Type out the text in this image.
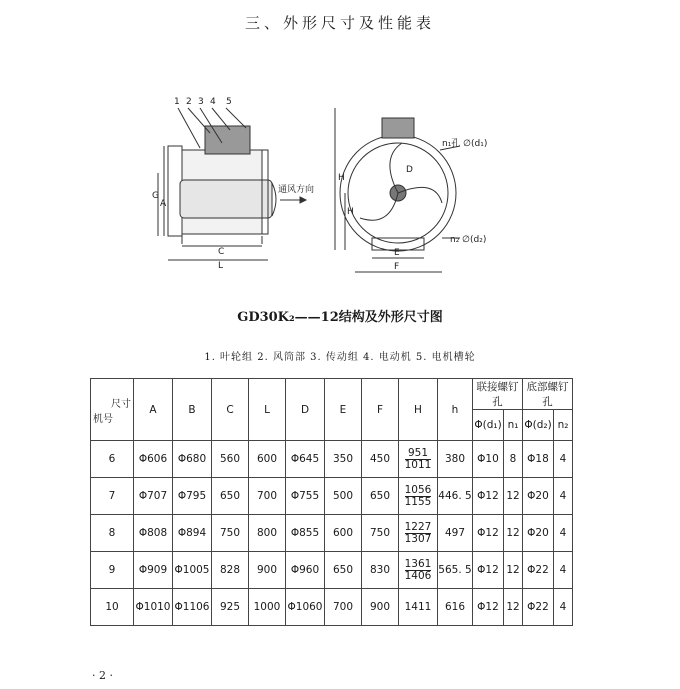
三、外形尺寸及性能表
1 2 3 4 5
G
A
C
L
通风方向
H
H
D
E
F
n₁孔 ∅(d₁)
n₂ ∅(d₂)
GD30K₂——12结构及外形尺寸图
1. 叶轮组 2. 风筒部 3. 传动组 4. 电动机 5. 电机槽轮
尺寸
机号	A	B	C	L	D	E	F	H	h	联接螺钉孔		底部螺钉孔	
										Φ(d₁)	n₁	Φ(d₂)	n₂
6	Φ606	Φ680	560	600	Φ645	350	450	$\frac{951}{1011}$	380	Φ10	8	Φ18	4
7	Φ707	Φ795	650	700	Φ755	500	650	$\frac{1056}{1155}$	446. 5	Φ12	12	Φ20	4
8	Φ808	Φ894	750	800	Φ855	600	750	$\frac{1227}{1307}$	497	Φ12	12	Φ20	4
9	Φ909	Φ1005	828	900	Φ960	650	830	$\frac{1361}{1406}$	565. 5	Φ12	12	Φ22	4
10	Φ1010	Φ1106	925	1000	Φ1060	700	900	1411	616	Φ12	12	Φ22	4
· 2 ·
